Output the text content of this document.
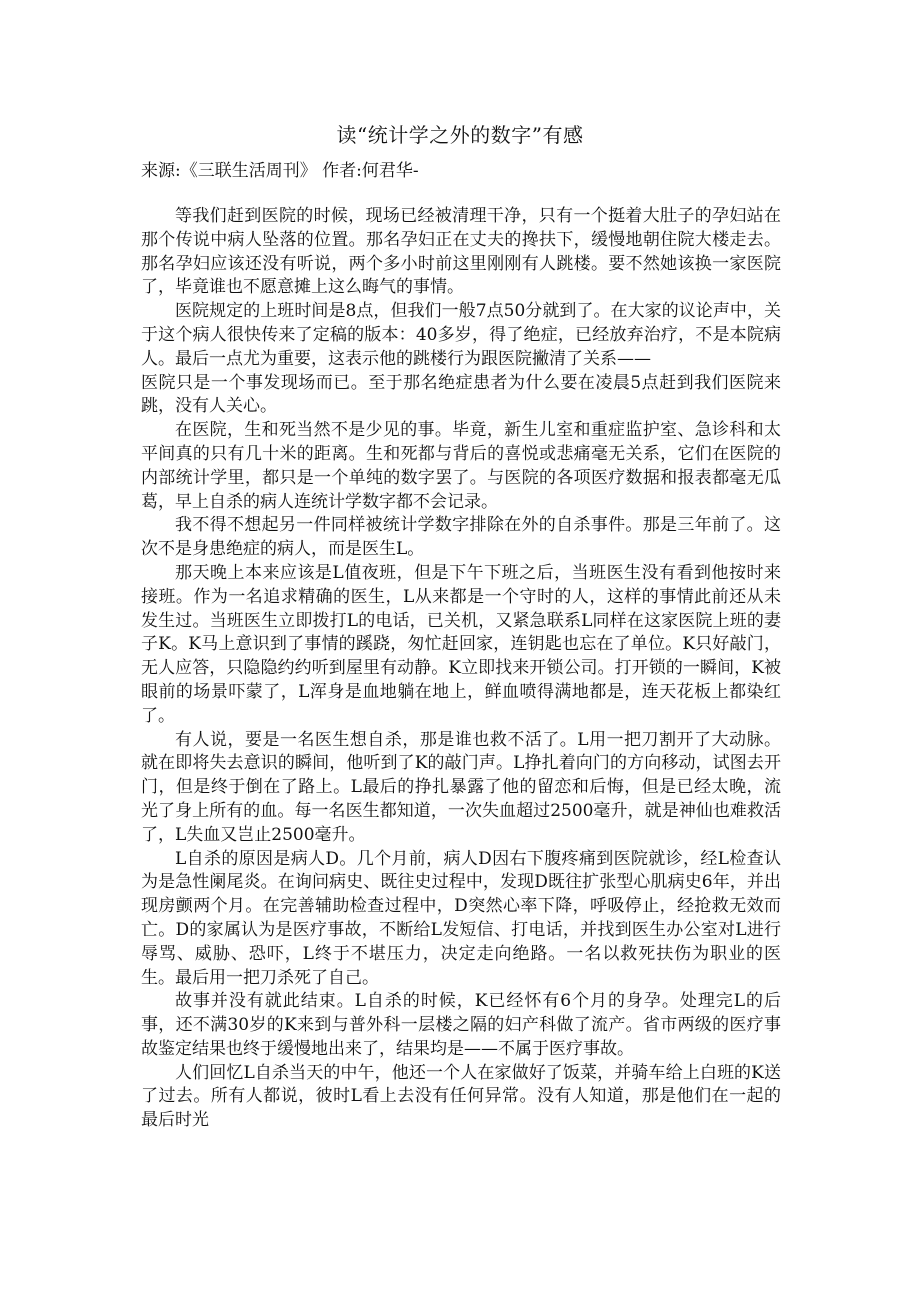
读“统计学之外的数字”有感
来源:《三联生活周刊》 作者:何君华-

等我们赶到医院的时候，现场已经被清理干净，只有一个挺着大肚子的孕妇站在那个传说中病人坠落的位置。那名孕妇正在丈夫的搀扶下，缓慢地朝住院大楼走去。那名孕妇应该还没有听说，两个多小时前这里刚刚有人跳楼。要不然她该换一家医院了，毕竟谁也不愿意摊上这么晦气的事情。

医院规定的上班时间是8点，但我们一般7点50分就到了。在大家的议论声中，关于这个病人很快传来了定稿的版本：40多岁，得了绝症，已经放弃治疗，不是本院病人。最后一点尤为重要，这表示他的跳楼行为跟医院撇清了关系——

医院只是一个事发现场而已。至于那名绝症患者为什么要在凌晨5点赶到我们医院来跳，没有人关心。

在医院，生和死当然不是少见的事。毕竟，新生儿室和重症监护室、急诊科和太平间真的只有几十米的距离。生和死都与背后的喜悦或悲痛毫无关系，它们在医院的内部统计学里，都只是一个单纯的数字罢了。与医院的各项医疗数据和报表都毫无瓜葛，早上自杀的病人连统计学数字都不会记录。

我不得不想起另一件同样被统计学数字排除在外的自杀事件。那是三年前了。这次不是身患绝症的病人，而是医生L。

那天晚上本来应该是L值夜班，但是下午下班之后，当班医生没有看到他按时来接班。作为一名追求精确的医生，L从来都是一个守时的人，这样的事情此前还从未发生过。当班医生立即拨打L的电话，已关机，又紧急联系L同样在这家医院上班的妻子K。K马上意识到了事情的蹊跷，匆忙赶回家，连钥匙也忘在了单位。K只好敲门，无人应答，只隐隐约约听到屋里有动静。K立即找来开锁公司。打开锁的一瞬间，K被眼前的场景吓蒙了，L浑身是血地躺在地上，鲜血喷得满地都是，连天花板上都染红了。

有人说，要是一名医生想自杀，那是谁也救不活了。L用一把刀割开了大动脉。就在即将失去意识的瞬间，他听到了K的敲门声。L挣扎着向门的方向移动，试图去开门，但是终于倒在了路上。L最后的挣扎暴露了他的留恋和后悔，但是已经太晚，流光了身上所有的血。每一名医生都知道，一次失血超过2500毫升，就是神仙也难救活了，L失血又岂止2500毫升。

L自杀的原因是病人D。几个月前，病人D因右下腹疼痛到医院就诊，经L检查认为是急性阑尾炎。在询问病史、既往史过程中，发现D既往扩张型心肌病史6年，并出现房颤两个月。在完善辅助检查过程中，D突然心率下降，呼吸停止，经抢救无效而亡。D的家属认为是医疗事故，不断给L发短信、打电话，并找到医生办公室对L进行辱骂、威胁、恐吓，L终于不堪压力，决定走向绝路。一名以救死扶伤为职业的医生。最后用一把刀杀死了自己。

故事并没有就此结束。L自杀的时候，K已经怀有6个月的身孕。处理完L的后事，还不满30岁的K来到与普外科一层楼之隔的妇产科做了流产。省市两级的医疗事故鉴定结果也终于缓慢地出来了，结果均是——不属于医疗事故。

人们回忆L自杀当天的中午，他还一个人在家做好了饭菜，并骑车给上白班的K送了过去。所有人都说，彼时L看上去没有任何异常。没有人知道，那是他们在一起的最后时光
